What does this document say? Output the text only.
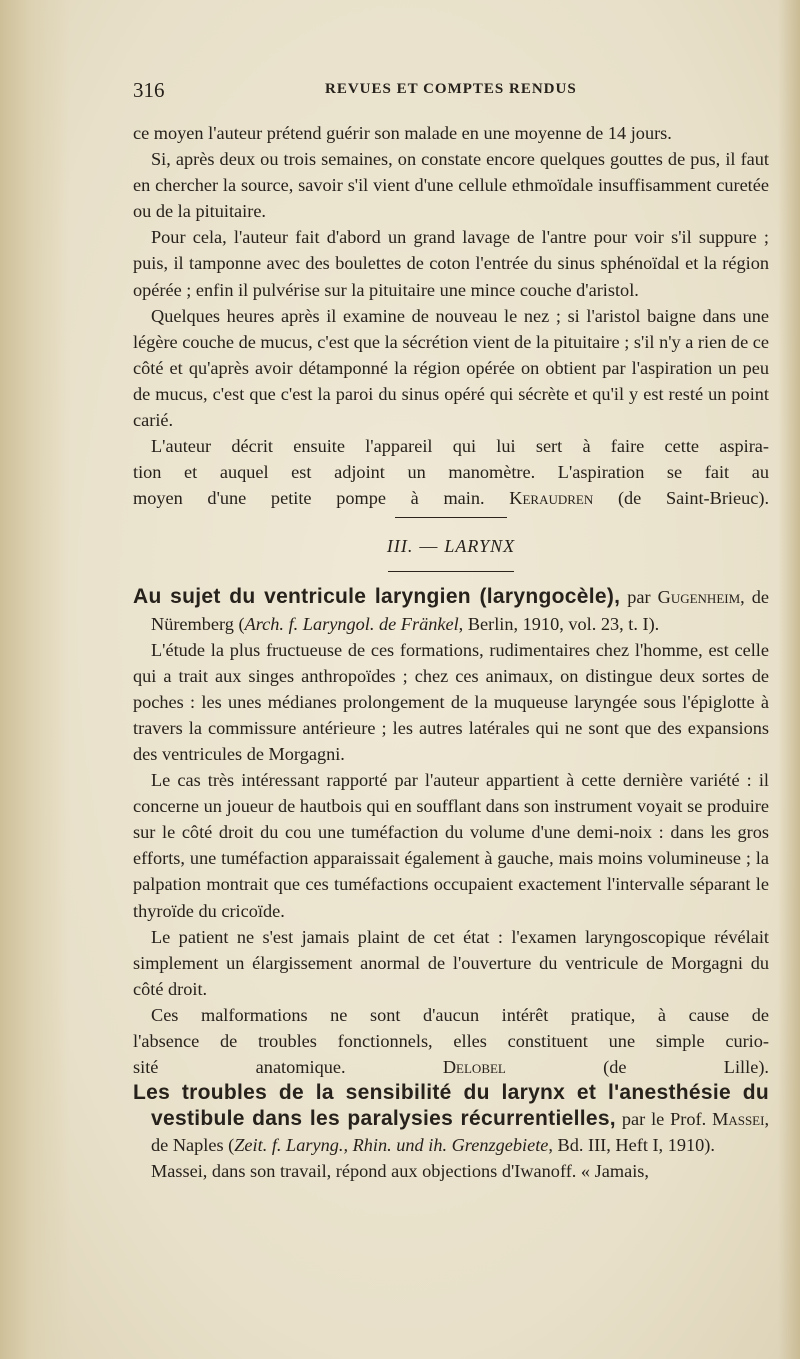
316	REVUES ET COMPTES RENDUS

ce moyen l'auteur prétend guérir son malade en une moyenne de 14 jours.

Si, après deux ou trois semaines, on constate encore quelques gouttes de pus, il faut en chercher la source, savoir s'il vient d'une cellule ethmoïdale insuffisamment curetée ou de la pituitaire.

Pour cela, l'auteur fait d'abord un grand lavage de l'antre pour voir s'il suppure ; puis, il tamponne avec des boulettes de coton l'entrée du sinus sphénoïdal et la région opérée ; enfin il pulvérise sur la pituitaire une mince couche d'aristol.

Quelques heures après il examine de nouveau le nez ; si l'aristol baigne dans une légère couche de mucus, c'est que la sécrétion vient de la pituitaire ; s'il n'y a rien de ce côté et qu'après avoir détamponné la région opérée on obtient par l'aspiration un peu de mucus, c'est que c'est la paroi du sinus opéré qui sécrète et qu'il y est resté un point carié.

L'auteur décrit ensuite l'appareil qui lui sert à faire cette aspira-

tion et auquel est adjoint un manomètre. L'aspiration se fait au

moyen d'une petite pompe à main. Keraudren (de Saint-Brieuc).

III. — LARYNX

Au sujet du ventricule laryngien (laryngocèle), par Gugenheim, de Nüremberg (Arch. f. Laryngol. de Fränkel, Berlin, 1910, vol. 23, t. I).

L'étude la plus fructueuse de ces formations, rudimentaires chez l'homme, est celle qui a trait aux singes anthropoïdes ; chez ces animaux, on distingue deux sortes de poches : les unes médianes prolongement de la muqueuse laryngée sous l'épiglotte à travers la commissure antérieure ; les autres latérales qui ne sont que des expansions des ventricules de Morgagni.

Le cas très intéressant rapporté par l'auteur appartient à cette dernière variété : il concerne un joueur de hautbois qui en soufflant dans son instrument voyait se produire sur le côté droit du cou une tuméfaction du volume d'une demi-noix : dans les gros efforts, une tuméfaction apparaissait également à gauche, mais moins volumineuse ; la palpation montrait que ces tuméfactions occupaient exactement l'intervalle séparant le thyroïde du cricoïde.

Le patient ne s'est jamais plaint de cet état : l'examen laryngoscopique révélait simplement un élargissement anormal de l'ouverture du ventricule de Morgagni du côté droit.

Ces malformations ne sont d'aucun intérêt pratique, à cause de

l'absence de troubles fonctionnels, elles constituent une simple curio-

sité anatomique.	Delobel	(de Lille).

Les troubles de la sensibilité du larynx et l'anesthésie du vestibule dans les paralysies récurrentielles, par le Prof. Massei, de Naples (Zeit. f. Laryng., Rhin. und ih. Grenzgebiete, Bd. III, Heft I, 1910).

Massei, dans son travail, répond aux objections d'Iwanoff. « Jamais,
